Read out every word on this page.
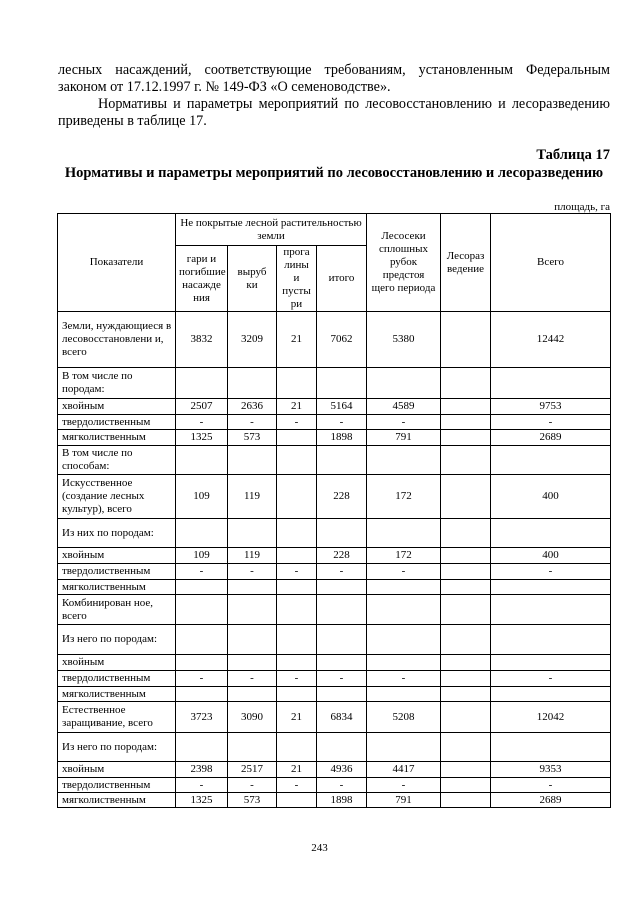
лесных насаждений, соответствующие требованиям, установленным Федеральным законом от 17.12.1997 г. № 149-ФЗ «О семеноводстве».
Нормативы и параметры мероприятий по лесовосстановлению и лесоразведению приведены в таблице 17.
Таблица 17
Нормативы и параметры мероприятий по лесовосстановлению и лесоразведению
площадь, га
Показатели	Не покрытые лесной растительностью земли				Лесосеки сплошных рубок предстоя щего периода	Лесораз ведение	Всего
	гари и погибшие насажде ния	выруб ки	прога лины и пусты ри	итого			
Земли, нуждающиеся в лесовосстановлени и, всего	3832	3209	21	7062	5380		12442
В том числе по породам:							
хвойным	2507	2636	21	5164	4589		9753
твердолиственным	-	-	-	-	-		-
мягколиственным	1325	573		1898	791		2689
В том числе по способам:							
Искусственное (создание лесных культур), всего	109	119		228	172		400
Из них по породам:							
хвойным	109	119		228	172		400
твердолиственным	-	-	-	-	-		-
мягколиственным							
Комбинирован ное, всего							
Из него по породам:							
хвойным							
твердолиственным	-	-	-	-	-		-
мягколиственным							
Естественное заращивание, всего	3723	3090	21	6834	5208		12042
Из него по породам:							
хвойным	2398	2517	21	4936	4417		9353
твердолиственным	-	-	-	-	-		-
мягколиственным	1325	573		1898	791		2689
243
